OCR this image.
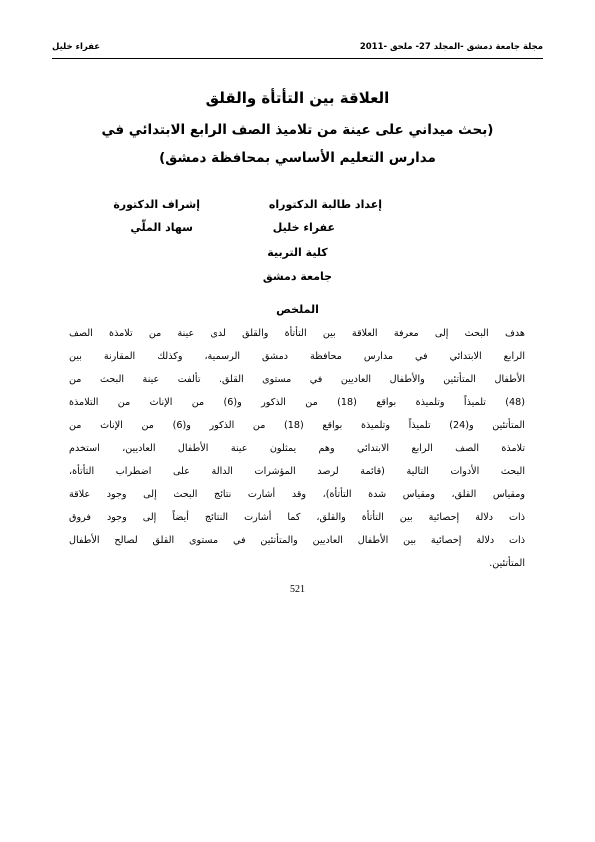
مجلة جامعة دمشق -المجلد 27- ملحق -2011
عفراء خليل
العلاقة بين التأتأة والقلق
(بحث ميداني على عينة من تلاميذ الصف الرابع الابتدائي في
مدارس التعليم الأساسي بمحافظة دمشق)
إعداد طالبة الدكتوراه
إشراف الدكتورة
عفراء خليل
سهاد الملّي
كلية التربية
جامعة دمشق
الملخص
هدف البحث إلى معرفة العلاقة بين التأتأة والقلق لدى عينة من تلامذة الصف
الرابع الابتدائي في مدارس محافظة دمشق الرسمية، وكذلك المقارنة بين
الأطفال المتأتئين والأطفال العاديين في مستوى القلق. تألفت عينة البحث من
(48) تلميذاً وتلميذة بواقع (18) من الذكور و(6) من الإناث من التلامذة
المتأتئين و(24) تلميذاً وتلميذة بواقع (18) من الذكور و(6) من الإناث من
تلامذة الصف الرابع الابتدائي وهم يمثلون عينة الأطفال العاديين، استخدم
البحث الأدوات التالية (قائمة لرصد المؤشرات الدالة على اضطراب التأتأة،
ومقياس القلق، ومقياس شدة التأتأة)، وقد أشارت نتائج البحث إلى وجود علاقة
ذات دلالة إحصائية بين التأتأة والقلق، كما أشارت النتائج أيضاً إلى وجود فروق
ذات دلالة إحصائية بين الأطفال العاديين والمتأتئين في مستوى القلق لصالح الأطفال
المتأتئين.
521
